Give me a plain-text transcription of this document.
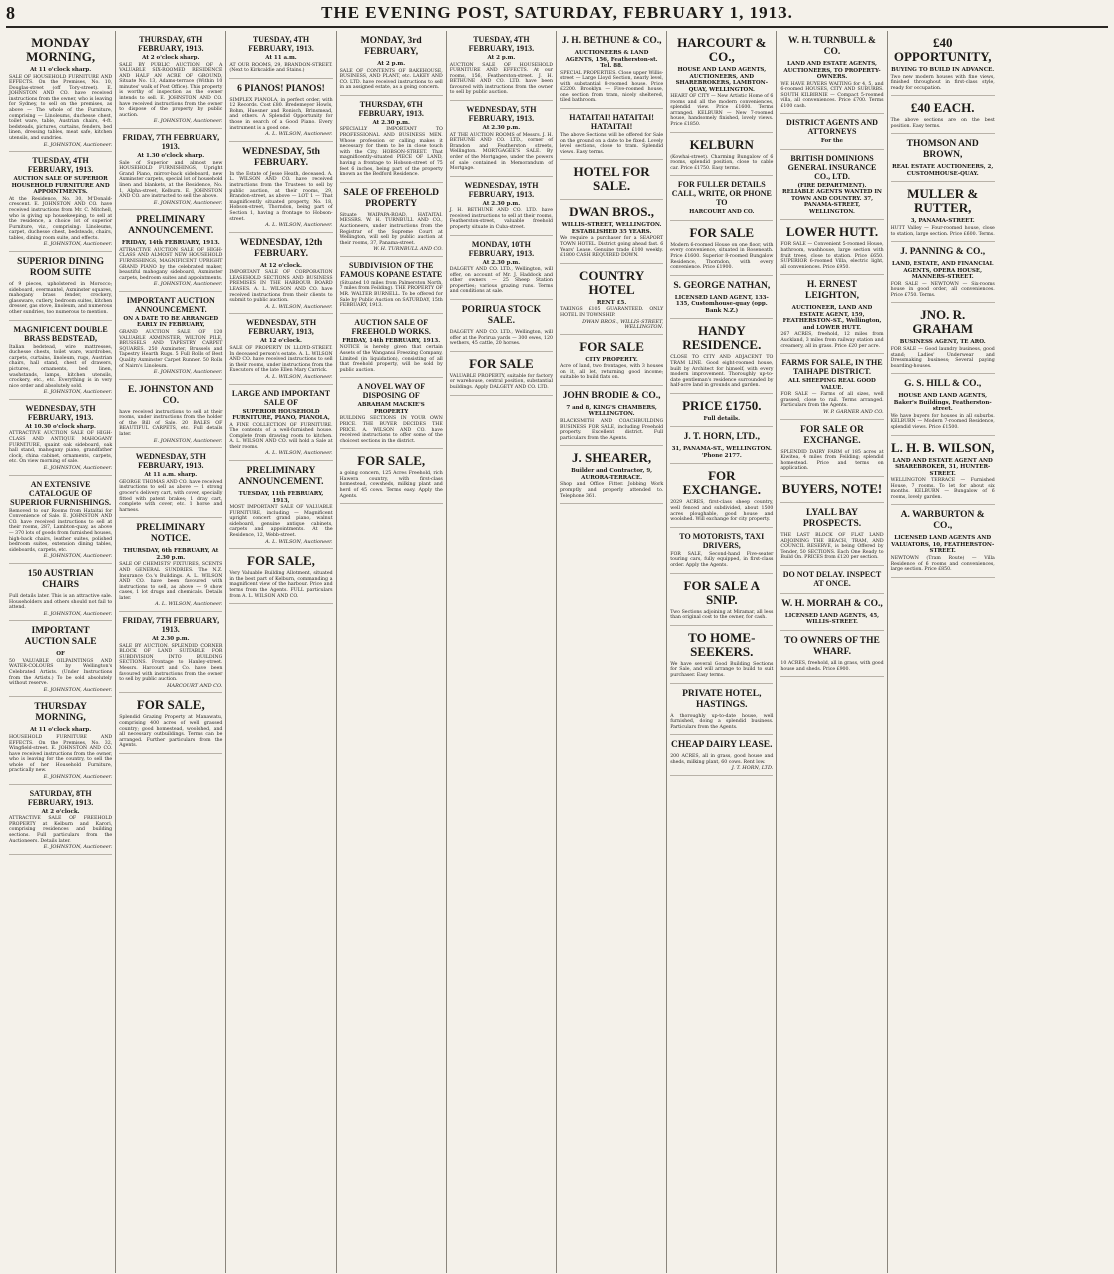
8	THE EVENING POST, SATURDAY, FEBRUARY 1, 1913.
MONDAY MORNING,
At 11 o'clock sharp.
SALE OF HOUSEHOLD FURNITURE AND EFFECTS. On the Premises, No. 10, Douglas-street (off Tory-street). E. JOHNSTON AND CO. have received instructions from the owner, who is leaving for Sydney, to sell on the premises, as above — The whole of the Furniture, comprising — Linoleums, duchesse chest, toilet ware, table, Austrian chairs, 4-ft. bedsteads, pictures, curtains, fenders, bed linen, dressing tables, meat safe, kitchen utensils, and sundries.
E. JOHNSTON, Auctioneer.
TUESDAY, 4TH FEBRUARY, 1913.
AUCTION SALE OF SUPERIOR HOUSEHOLD FURNITURE AND APPOINTMENTS.
At the Residence, No. 30, M'Donald-crescent. E. JOHNSTON AND CO. have received instructions from Mr. C. Mitchell, who is giving up housekeeping, to sell at the residence, a choice lot of superior Furniture, viz., comprising: Linoleums, carpet, duchesse chest, bedsteads, chairs, tables, dining room suite, and effects.
E. JOHNSTON, Auctioneer.
SUPERIOR DINING ROOM SUITE
of 9 pieces, upholstered in Morocco; sideboard, overmantel, Axminster squares, mahogany brass fender, crockery, glassware, cutlery, bedroom suites, kitchen dresser, gas stove, linoleum, and numerous other sundries, too numerous to mention.
MAGNIFICENT DOUBLE BRASS BEDSTEAD,
Italian bedstead, wire mattresses, duchesse chests, toilet ware, wardrobes, carpets, curtains, linoleum, rugs, Austrian chairs, hall stand, chest of drawers, pictures, ornaments, bed linen, washstands, lamps, kitchen utensils, crockery, etc., etc. Everything is in very nice order and absolutely sold.
E. JOHNSTON, Auctioneer.
WEDNESDAY, 5TH FEBRUARY, 1913.
At 10.30 o'clock sharp.
ATTRACTIVE AUCTION SALE OF HIGH-CLASS AND ANTIQUE MAHOGANY FURNITURE, quaint oak sideboard, oak hall stand, mahogany piano, grandfather clock, china cabinet, ornaments, carpets, etc. On view morning of sale.
E. JOHNSTON, Auctioneer.
AN EXTENSIVE CATALOGUE OF SUPERIOR FURNISHINGS.
Removed to our Rooms from Hataitai for Convenience of Sale. E. JOHNSTON AND CO. have received instructions to sell at their rooms, 287, Lambton-quay, as above — 370 lots of goods from furnished houses, high-back chairs, leather suites, polished bedroom suites, extension dining tables, sideboards, carpets, etc.
E. JOHNSTON, Auctioneer.
150 AUSTRIAN CHAIRS
Full details later. This is an attractive sale. Householders and others should not fail to attend.
E. JOHNSTON, Auctioneer.
IMPORTANT AUCTION SALE
OF
50 VALUABLE OILPAINTINGS AND WATER-COLOURS by Wellington's Celebrated Artists. (Under Instructions from the Artists.) To be sold absolutely without reserve.
E. JOHNSTON, Auctioneer.
THURSDAY MORNING,
At 11 o'clock sharp.
HOUSEHOLD FURNITURE AND EFFECTS. On the Premises, No. 32, Wingfield-street. E. JOHNSTON AND CO. have received instructions from the owner, who is leaving for the country, to sell the whole of her Household Furniture, practically new.
E. JOHNSTON, Auctioneer.
SATURDAY, 8TH FEBRUARY, 1913.
At 2 o'clock.
ATTRACTIVE SALE OF FREEHOLD PROPERTY at Kelburn and Karori, comprising residences and building sections. Full particulars from the Auctioneers. Details later.
E. JOHNSTON, Auctioneer.
THURSDAY, 6TH FEBRUARY, 1913.
At 2 o'clock sharp.
SALE BY PUBLIC AUCTION OF A VALUABLE SIX-ROOMED RESIDENCE AND HALF AN ACRE OF GROUND, Situate No. 13, Adams-terrace (Within 10 minutes' walk of Post Office). This property is worthy of inspection as the owner intends to sell. E. JOHNSTON AND CO. have received instructions from the owner to dispose of the property by public auction.
E. JOHNSTON, Auctioneer.
FRIDAY, 7TH FEBRUARY, 1913.
At 1.30 o'clock sharp.
Sale of Superior and almost new HOUSEHOLD FURNISHINGS, Upright Grand Piano, mirror-back sideboard, new Axminster carpets, special lot of household linen and blankets, at the Residence, No. 1, Alpha-street, Kelburn. E. JOHNSTON AND CO. are instructed to sell the above.
E. JOHNSTON, Auctioneer.
PRELIMINARY ANNOUNCEMENT.
FRIDAY, 14th FEBRUARY, 1913.
ATTRACTIVE AUCTION SALE OF HIGH-CLASS AND ALMOST NEW HOUSEHOLD FURNISHINGS, MAGNIFICENT UPRIGHT GRAND PIANO by the celebrated maker, beautiful mahogany sideboard, Axminster carpets, bedroom suites and appointments.
E. JOHNSTON, Auctioneer.
IMPORTANT AUCTION ANNOUNCEMENT.
ON A DATE TO BE ARRANGED EARLY IN FEBRUARY,
GRAND AUCTION SALE OF 120 VALUABLE AXMINSTER, WILTON PILE, BRUSSELS AND TAPESTRY CARPET SQUARES. 250 Axminster, Brussels and Tapestry Hearth Rugs. 5 Full Rolls of Best Quality Axminster Carpet Runner. 50 Rolls of Nairn's Linoleum.
E. JOHNSTON, Auctioneer.
E. JOHNSTON AND CO.
have received instructions to sell at their rooms, under instructions from the holder of the Bill of Sale. 20 BALES OF BEAUTIFUL CARPETS, etc. Full details later.
E. JOHNSTON, Auctioneer.
WEDNESDAY, 5TH FEBRUARY, 1913.
At 11 a.m. sharp.
GEORGE THOMAS AND CO. have received instructions to sell as above — 1 strong grocer's delivery cart, with cover, specially fitted with patent brakes; 1 dray cart, complete with cover, etc. 1 horse and harness.
PRELIMINARY NOTICE.
THURSDAY, 6th FEBRUARY, At 2.30 p.m.
SALE OF CHEMISTS' FIXTURES, SCENTS AND GENERAL SUNDRIES. The N.Z. Insurance Co.'s Buildings. A. L. WILSON AND CO. have been favoured with instructions to sell, as above — 9 show cases, 1 lot drugs and chemicals. Details later.
A. L. WILSON, Auctioneer.
FRIDAY, 7TH FEBRUARY, 1913.
At 2.30 p.m.
SALE BY AUCTION. SPLENDID CORNER BLOCK OF LAND SUITABLE FOR SUBDIVISION INTO BUILDING SECTIONS. Frontage to Hanley-street. Messrs. Harcourt and Co. have been favoured with instructions from the owner to sell by public auction.
HARCOURT AND CO.
FOR SALE,
Splendid Grazing Property at Manawatu, comprising 400 acres of well grassed country; good homestead, woolshed, and all necessary outbuildings. Terms can be arranged. Further particulars from the Agents.
TUESDAY, 4TH FEBRUARY, 1913.
At 11 a.m.
AT OUR ROOMS, 29, BRANDON-STREET. (Next to Kirkcaldie and Stains.)
6 PIANOS! PIANOS!
SIMPLEX PIANOLA, in perfect order, with 12 Records. Cost £80. Bredemeyer Howls, Bohm, Huesner and Ronisch, Brinsmead, and others. A Splendid Opportunity for those in search of a Good Piano. Every instrument is a good one.
A. L. WILSON, Auctioneer.
WEDNESDAY, 5th FEBRUARY.
In the Estate of Jesse Heath, deceased. A. L. WILSON AND CO. have received instructions from the Trustees to sell by public auction, at their rooms, 29, Brandon-street, as above — LOT 1 — That magnificently situated property, No. 18, Hobson-street, Thorndon, being part of Section 1, having a frontage to Hobson-street.
A. L. WILSON, Auctioneer.
WEDNESDAY, 12th FEBRUARY.
At 12 o'clock.
IMPORTANT SALE OF CORPORATION LEASEHOLD SECTIONS AND BUSINESS PREMISES IN THE HARBOUR BOARD LEASES. A. L. WILSON AND CO. have received instructions from their clients to submit to public auction.
A. L. WILSON, Auctioneer.
WEDNESDAY, 5TH FEBRUARY, 1913,
At 12 o'clock.
SALE OF PROPERTY IN LLOYD-STREET. In deceased person's estate. A. L. WILSON AND CO. have received instructions to sell in their rooms, under instructions from the Executors of the late Ellen Mary Carrick.
A. L. WILSON, Auctioneer.
LARGE AND IMPORTANT SALE OF
SUPERIOR HOUSEHOLD FURNITURE, PIANO, PIANOLA,
A FINE COLLECTION OF FURNITURE. The contents of a well-furnished house. Complete from drawing room to kitchen. A. L. WILSON AND CO. will hold a Sale at their rooms.
A. L. WILSON, Auctioneer.
PRELIMINARY ANNOUNCEMENT.
TUESDAY, 11th FEBRUARY, 1913,
MOST IMPORTANT SALE OF VALUABLE FURNITURE, including — Magnificent upright concert grand piano, walnut sideboard, genuine antique cabinets, carpets and appointments. At the Residence, 12, Webb-street.
A. L. WILSON, Auctioneer.
FOR SALE,
Very Valuable Building Allotment, situated in the best part of Kelburn, commanding a magnificent view of the harbour. Price and terms from the Agents. FULL particulars from A. L. WILSON AND CO.
MONDAY, 3rd FEBRUARY,
At 2 p.m.
SALE OF CONTENTS OF BAKEHOUSE, BUSINESS, AND PLANT, etc. LAKEY AND CO. LTD. have received instructions to sell in an assigned estate, as a going concern.
THURSDAY, 6TH FEBRUARY, 1913.
At 2.30 p.m.
SPECIALLY IMPORTANT TO PROFESSIONAL AND BUSINESS MEN. Whose profession or calling makes it necessary for them to be in close touch with the City. HOBSON-STREET. That magnificently-situated PIECE OF LAND, having a frontage to Hobson-street of 75 feet 6 inches, being part of the property known as the Bedford Residence.
SALE OF FREEHOLD PROPERTY
Situate WAIPAPA-ROAD, HATAITAI. MESSRS. W. H. TURNBULL AND CO., Auctioneers, under instructions from the Registrar of the Supreme Court at Wellington, will sell by public auction at their rooms, 37, Panama-street.
W. H. TURNBULL AND CO.
SUBDIVISION OF THE FAMOUS KOPANE ESTATE
(Situated 10 miles from Palmerston North, 7 miles from Feilding). THE PROPERTY OF MR. WALTER BURNELL. To be offered for Sale by Public Auction on SATURDAY, 15th FEBRUARY, 1913.
AUCTION SALE OF FREEHOLD WORKS.
FRIDAY, 14th FEBRUARY, 1913.
NOTICE is hereby given that certain Assets of the Wanganui Freezing Company, Limited (in liquidation), consisting of all that freehold property, will be sold by public auction.
A NOVEL WAY OF DISPOSING OF
ABRAHAM MACKIE'S PROPERTY
BUILDING SECTIONS IN YOUR OWN PRICE. THE BUYER DECIDES THE PRICE. A. WILSON AND CO. have received instructions to offer some of the choicest sections in the district.
FOR SALE,
a going concern, 125 Acres Freehold, rich Hawera country, with first-class homestead, cowsheds, milking plant and herd of 45 cows. Terms easy. Apply the Agents.
TUESDAY, 4TH FEBRUARY, 1913.
At 2 p.m.
AUCTION SALE OF HOUSEHOLD FURNITURE AND EFFECTS. At our rooms, 156, Featherston-street. J. H. BETHUNE AND CO. LTD. have been favoured with instructions from the owner to sell by public auction.
WEDNESDAY, 5TH FEBRUARY, 1913.
At 2.30 p.m.
AT THE AUCTION ROOMS of Messrs. J. H. BETHUNE AND CO. LTD., corner of Brandon and Featherston streets, Wellington. MORTGAGEE'S SALE. By order of the Mortgagee, under the powers of sale contained in Memorandum of Mortgage.
WEDNESDAY, 19TH FEBRUARY, 1913.
At 2.30 p.m.
J. H. BETHUNE AND CO. LTD. have received instructions to sell at their rooms, Featherston-street, valuable freehold property situate in Cuba-street.
MONDAY, 10TH FEBRUARY, 1913.
At 2.30 p.m.
DALGETY AND CO. LTD., Wellington, will offer, on account of Mr. J. Haddock and other owners — 25 Sheep Station properties; various grazing runs. Terms and conditions at sale.
PORIRUA STOCK SALE.
DALGETY AND CO. LTD., Wellington, will offer at the Porirua yards — 300 ewes, 120 wethers, 45 cattle, 20 horses.
FOR SALE
VALUABLE PROPERTY, suitable for factory or warehouse, central position, substantial buildings. Apply DALGETY AND CO. LTD.
J. H. BETHUNE & CO.,
AUCTIONEERS & LAND AGENTS, 156, Featherston-st. Tel. 88.
SPECIAL PROPERTIES. Close upper Willis-street — Large Lloyd Section, nearly level, with substantial 8-roomed house. Price £2200. Brooklyn — Five-roomed house, one section from tram, nicely sheltered, tiled bathroom.
HATAITAI! HATAITAI! HATAITAI!
The above Sections will be offered for Sale on the ground on a date to be fixed. Lovely level sections, close to tram. Splendid views. Easy terms.
HOTEL FOR SALE.
DWAN BROS.,
WILLIS-STREET, WELLINGTON. ESTABLISHED 35 YEARS.
We require a purchaser for a SEAPORT TOWN HOTEL. District going ahead fast. 6 Years' Lease. Genuine trade £100 weekly. £1800 CASH REQUIRED DOWN.
COUNTRY HOTEL
RENT £5.
TAKINGS £105 GUARANTEED. ONLY HOTEL IN TOWNSHIP.
DWAN BROS., WILLIS-STREET, WELLINGTON.
FOR SALE
CITY PROPERTY.
Acre of land, two frontages, with 3 houses on it, all let, returning good income; suitable to build flats on.
JOHN BRODIE & CO.,
7 and 8, KING'S CHAMBERS, WELLINGTON.
BLACKSMITH AND COACHBUILDING BUSINESS FOR SALE, including Freehold property. Excellent district. Full particulars from the Agents.
J. SHEARER,
Builder and Contractor, 9, AURORA-TERRACE.
Shop and Office Fitter. Jobbing Work promptly and properly attended to. Telephone 361.
HARCOURT & CO.,
HOUSE AND LAND AGENTS, AUCTIONEERS, AND SHAREBROKERS, LAMBTON-QUAY, WELLINGTON.
HEART OF CITY — New Artistic Home of 6 rooms and all the modern conveniences, splendid view. Price £1600. Terms arranged. KELBURN — New 7-roomed house, handsomely finished, lovely views. Price £1850.
KELBURN
(Kowhai-street). Charming Bungalow of 6 rooms, splendid position, close to cable car. Price £1750. Easy terms.
FOR FULLER DETAILS CALL, WRITE, OR PHONE TO
HARCOURT AND CO.
FOR SALE
Modern 6-roomed House on one floor, with every convenience, situated in Roseneath. Price £1600. Superior 8-roomed Bungalow Residence, Thorndon, with every convenience. Price £1900.
S. GEORGE NATHAN,
LICENSED LAND AGENT, 133-135, Customhouse-quay (opp. Bank N.Z.)
HANDY RESIDENCE.
CLOSE TO CITY AND ADJACENT TO TRAM LINE. Good eight-roomed house, built by Architect for himself, with every modern improvement. Thoroughly up-to-date gentleman's residence surrounded by half-acre land in grounds and garden.
PRICE £1750.
Full details.
J. T. HORN, LTD.,
31, PANAMA-ST., WELLINGTON. 'Phone 2177.
FOR EXCHANGE.
2029 ACRES, first-class sheep country, well fenced and subdivided, about 1500 acres ploughable, good house and woolshed. Will exchange for city property.
TO MOTORISTS, TAXI DRIVERS,
FOR SALE, Second-hand Five-seater touring cars, fully equipped, in first-class order. Apply the Agents.
FOR SALE A SNIP.
Two Sections adjoining at Miramar, all less than original cost to the owner, for cash.
TO HOME-SEEKERS.
We have several Good Building Sections for Sale, and will arrange to build to suit purchaser. Easy terms.
PRIVATE HOTEL, HASTINGS.
A thoroughly up-to-date house, well furnished, doing a splendid business. Particulars from the Agents.
CHEAP DAIRY LEASE.
200 ACRES, all in grass, good house and sheds, milking plant, 60 cows. Rent low.
J. T. HORN, LTD.
W. H. TURNBULL & CO.
LAND AND ESTATE AGENTS, AUCTIONEERS, TO PROPERTY-OWNERS.
WE HAVE BUYERS WAITING for 4, 5, and 6-roomed HOUSES, CITY AND SUBURBS. SOUTH KILBIRNIE — Compact 5-roomed villa, all conveniences. Price £700. Terms £100 cash.
DISTRICT AGENTS AND ATTORNEYS
For the
BRITISH DOMINIONS GENERAL INSURANCE CO., LTD.
(FIRE DEPARTMENT). RELIABLE AGENTS WANTED IN TOWN AND COUNTRY. 37, PANAMA-STREET, WELLINGTON.
LOWER HUTT.
FOR SALE — Convenient 5-roomed House, bathroom, washhouse, large section with fruit trees, close to station. Price £650. SUPERIOR 6-roomed Villa, electric light, all conveniences. Price £950.
H. ERNEST LEIGHTON,
AUCTIONEER, LAND AND ESTATE AGENT, 159, FEATHERSTON-ST., Wellington, and LOWER HUTT.
267 ACRES, freehold, 12 miles from Auckland, 3 miles from railway station and creamery, all in grass. Price £20 per acre.
FARMS FOR SALE, IN THE TAIHAPE DISTRICT.
ALL SHEEPING REAL GOOD VALUE.
FOR SALE — Farms of all sizes, well grassed, close to rail. Terms arranged. Particulars from the Agents.
W. P. GARNER AND CO.
FOR SALE OR EXCHANGE.
SPLENDID DAIRY FARM of 185 acres at Kiwitea, 4 miles from Feilding; splendid homestead. Price and terms on application.
BUYERS, NOTE!
LYALL BAY PROSPECTS.
THE LAST BLOCK OF FLAT LAND ADJOINING THE BEACH, TRAM, AND COUNCIL RESERVE, is being Offered by Tender, 50 SECTIONS. Each One Ready to Build On. PRICES from £120 per section.
DO NOT DELAY. INSPECT AT ONCE.
W. H. MORRAH & CO.,
LICENSED LAND AGENTS, 45, WILLIS-STREET.
TO OWNERS OF THE WHARF.
10 ACRES, freehold, all in grass, with good house and sheds. Price £900.
£40 OPPORTUNITY,
BUYING TO BUILD IN ADVANCE.
Two new modern houses with fine views, finished throughout in first-class style, ready for occupation.
£40 EACH.
The above sections are on the best position. Easy terms.
THOMSON AND BROWN,
REAL ESTATE AUCTIONEERS, 2, CUSTOMHOUSE-QUAY.
MULLER & RUTTER,
3, PANAMA-STREET.
HUTT Valley — Four-roomed house, close to station, large section. Price £600. Terms.
J. PANNING & CO.,
LAND, ESTATE, AND FINANCIAL AGENTS, OPERA HOUSE, MANNERS-STREET.
FOR SALE — NEWTOWN — Six-rooms house in good order, all conveniences. Price £750. Terms.
JNO. R. GRAHAM
BUSINESS AGENT, TE ARO.
FOR SALE — Good laundry business, good stand; Ladies' Underwear and Dressmaking business; Several paying boarding-houses.
G. S. HILL & CO.,
HOUSE AND LAND AGENTS, Baker's Buildings, Featherston-street.
We have buyers for houses in all suburbs. KELBURN — Modern 7-roomed Residence, splendid views. Price £1500.
L. H. B. WILSON,
LAND AND ESTATE AGENT AND SHAREBROKER, 31, HUNTER-STREET.
WELLINGTON TERRACE — Furnished House, 7 rooms. To let for about six months. KELBURN — Bungalow of 6 rooms, lovely garden.
A. WARBURTON & CO.,
LICENSED LAND AGENTS AND VALUATORS, 10, FEATHERSTON-STREET.
NEWTOWN (Tram Route) — Villa Residence of 6 rooms and conveniences, large section. Price £850.
